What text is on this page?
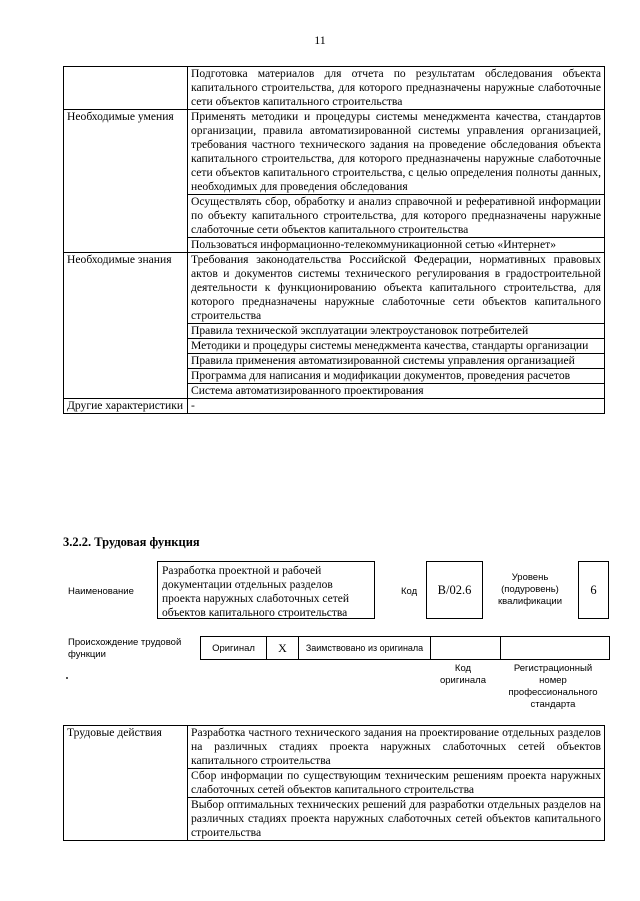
11
	Подготовка материалов для отчета по результатам обследования объекта капитального строительства, для которого предназначены наружные слаботочные сети объектов капитального строительства
Необходимые умения	Применять методики и процедуры системы менеджмента качества, стандартов организации, правила автоматизированной системы управления организацией, требования частного технического задания на проведение обследования объекта капитального строительства, для которого предназначены наружные слаботочные сети объектов капитального строительства, с целью определения полноты данных, необходимых для проведения обследования
	Осуществлять сбор, обработку и анализ справочной и реферативной информации по объекту капитального строительства, для которого предназначены наружные слаботочные сети объектов капитального строительства
	Пользоваться информационно-телекоммуникационной сетью «Интернет»
Необходимые знания	Требования законодательства Российской Федерации, нормативных правовых актов и документов системы технического регулирования в градостроительной деятельности к функционированию объекта капитального строительства, для которого предназначены наружные слаботочные сети объектов капитального строительства
	Правила технической эксплуатации электроустановок потребителей
	Методики и процедуры системы менеджмента качества, стандарты организации
	Правила применения автоматизированной системы управления организацией
	Программа для написания и модификации документов, проведения расчетов
	Система автоматизированного проектирования
Другие характеристики	-
3.2.2. Трудовая функция
Наименование
Разработка проектной и рабочей документации отдельных разделов проекта наружных слаботочных сетей объектов капитального строительства
Код	B/02.6
Уровень (подуровень) квалификации
6
Происхождение трудовой функции
Оригинал	X	Заимствовано из оригинала
Код оригинала
Регистрационный номер профессионального стандарта
Трудовые действия	Разработка частного технического задания на проектирование отдельных разделов на различных стадиях проекта наружных слаботочных сетей объектов капитального строительства
Сбор информации по существующим техническим решениям проекта наружных слаботочных сетей объектов капитального строительства
Выбор оптимальных технических решений для разработки отдельных разделов на различных стадиях проекта наружных слаботочных сетей объектов капитального строительства
